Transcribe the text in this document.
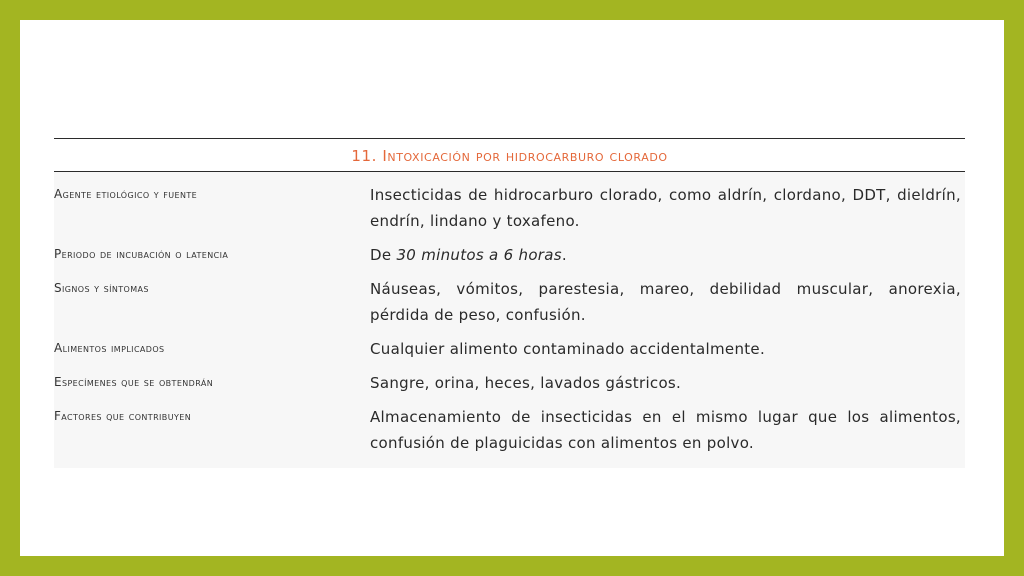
11. Intoxicación por hidrocarburo clorado
Agente etiológico y fuente	Insecticidas de hidrocarburo clorado, como aldrín, clordano, DDT, dieldrín, endrín, lindano y toxafeno.
Periodo de incubación o latencia	De 30 minutos a 6 horas.
Signos y síntomas	Náuseas, vómitos, parestesia, mareo, debilidad muscular, anorexia, pérdida de peso, confusión.
Alimentos implicados	Cualquier alimento contaminado accidentalmente.
Especímenes que se obtendrán	Sangre, orina, heces, lavados gástricos.
Factores que contribuyen	Almacenamiento de insecticidas en el mismo lugar que los alimentos, confusión de plaguicidas con alimentos en polvo.
